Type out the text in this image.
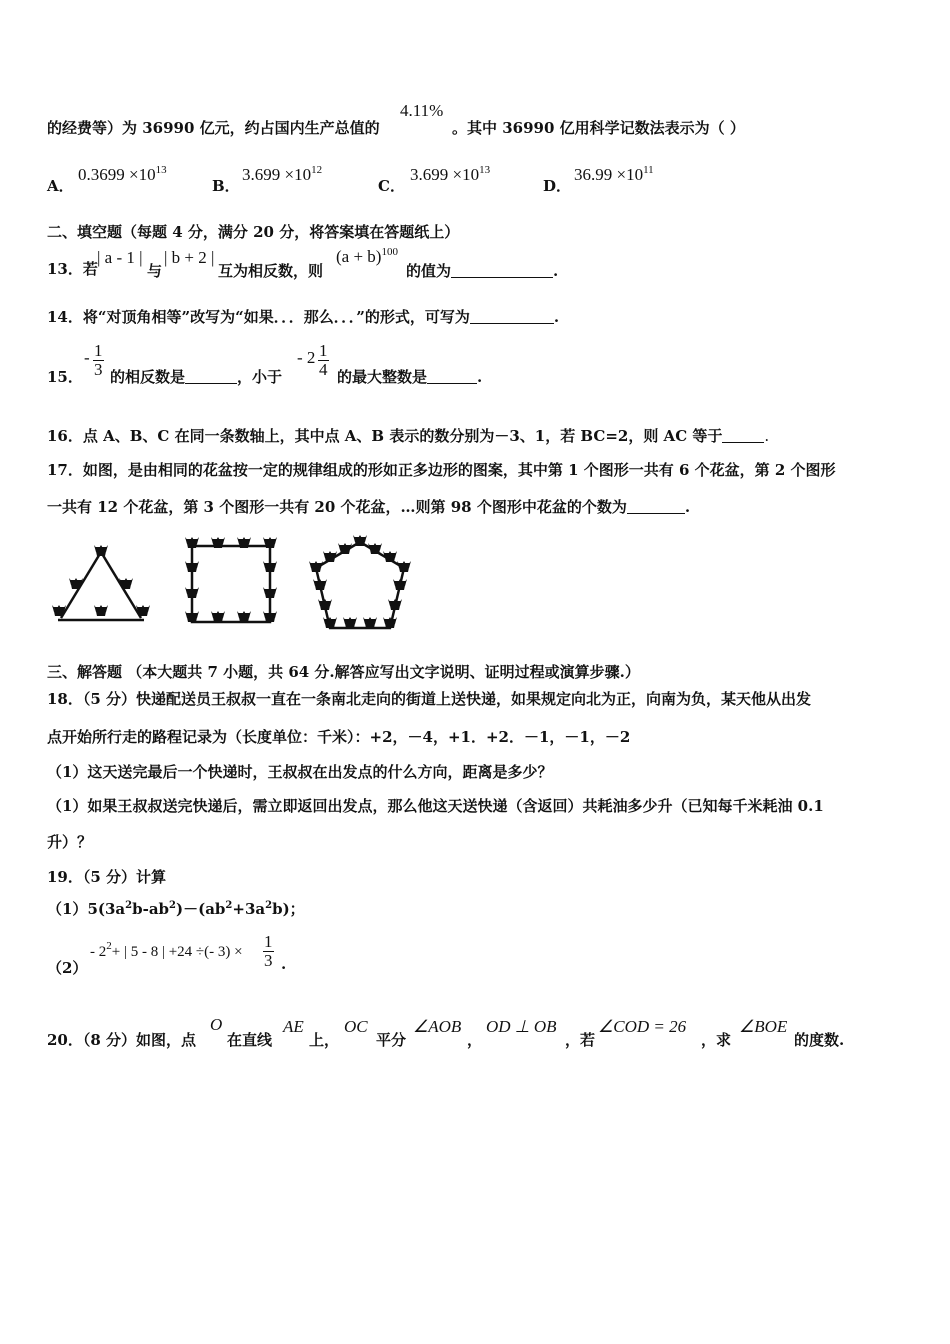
的经费等）为 36990 亿元，约占国内生产总值的
4.11%
。其中 36990 亿用科学记数法表示为（ ）
A．
$0.3699 \times 10^{13}$
B．
$3.699 \times 10^{12}$
C．
$3.699 \times 10^{13}$
D．
$36.99 \times 10^{11}$
二、填空题（每题 4 分，满分 20 分，将答案填在答题纸上）
13．若
| a - 1 |
与
| b + 2 |
互为相反数，则
$(a + b)^{100}$
的值为	.
14．将“对顶角相等”改写为“如果．．．那么．．．”的形式，可写为	.
15．
- $\frac{1}{3}$ 的相反数是	，小于
- $2 \frac{1}{4}$ 的最大整数是	.
16．点 A、B、C 在同一条数轴上，其中点 A、B 表示的数分别为－3、1，若 BC=2，则 AC 等于	.
17．如图，是由相同的花盆按一定的规律组成的形如正多边形的图案，其中第 1 个图形一共有 6 个花盆，第 2 个图形
一共有 12 个花盆，第 3 个图形一共有 20 个花盆，…则第 98 个图形中花盆的个数为	.
三、解答题 （本大题共 7 小题，共 64 分.解答应写出文字说明、证明过程或演算步骤.）
18．（5 分）快递配送员王叔叔一直在一条南北走向的街道上送快递，如果规定向北为正，向南为负，某天他从出发
点开始所行走的路程记录为（长度单位：千米）：+2，－4，+1．+2．－1，－1，－2
（1）这天送完最后一个快递时，王叔叔在出发点的什么方向，距离是多少？
（1）如果王叔叔送完快递后，需立即返回出发点，那么他这天送快递（含返回）共耗油多少升（已知每千米耗油 0.1
升）？
19．（5 分）计算
$(1)5(3a^2b-ab^2)-(ab^2+3a^2b)$；
（2）
- $2^2+$ | 5 - 8 | +24 ÷(- $3) \times \frac{1}{3}$ .
20．（8 分）如图，点
O
在直线
AE
上，
OC
平分
∠AOB
，
OD ⊥ OB
，若
∠COD = 26
，求
∠BOE
的度数.
